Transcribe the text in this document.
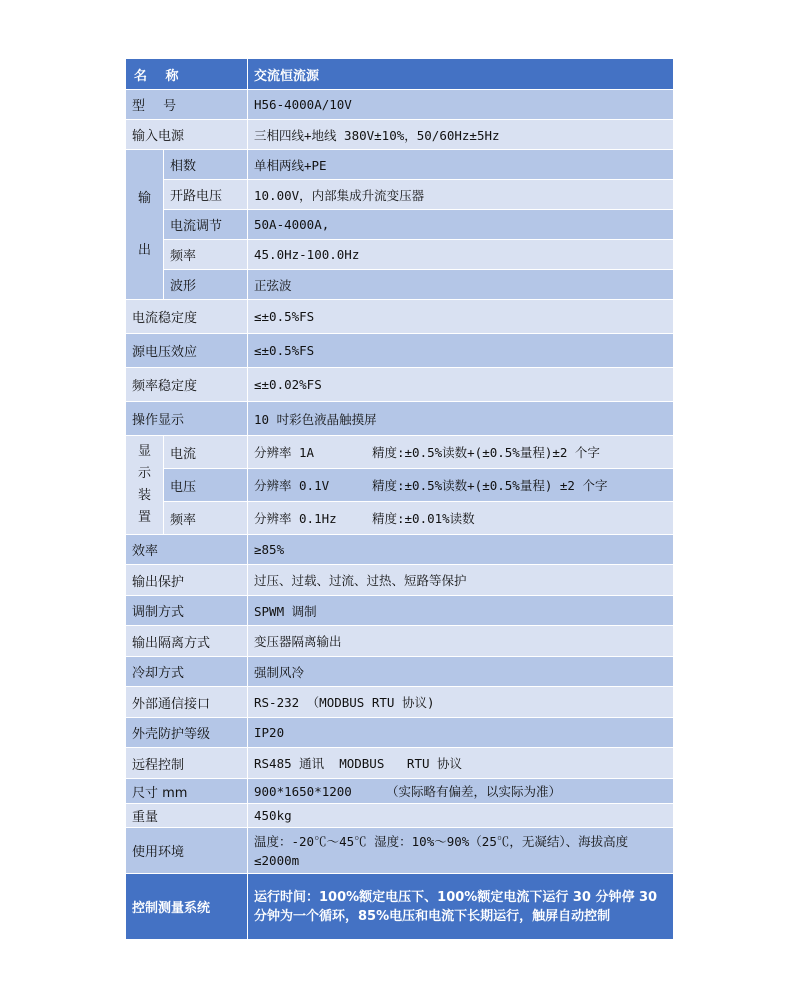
名 称		交流恒流源
型 号		H56-4000A/10V
输入电源		三相四线+地线 380V±10%，50/60Hz±5Hz
输出	相数	单相两线+PE
	开路电压	10.00V，内部集成升流变压器
	电流调节	50A-4000A,
	频率	45.0Hz-100.0Hz
	波形	正弦波
电流稳定度		≤±0.5%FS
源电压效应		≤±0.5%FS
频率稳定度		≤±0.02%FS
操作显示		10 吋彩色液晶触摸屏
显示装置	电流	分辨率 1A 精度:±0.5%读数+(±0.5%量程)±2 个字
	电压	分辨率 0.1V 精度:±0.5%读数+(±0.5%量程) ±2 个字
	频率	分辨率 0.1Hz 精度:±0.01%读数
效率		≥85%
输出保护		过压、过载、过流、过热、短路等保护
调制方式		SPWM 调制
输出隔离方式		变压器隔离输出
冷却方式		强制风冷
外部通信接口		RS-232 （MODBUS RTU 协议)
外壳防护等级		IP20
远程控制		RS485 通讯  MODBUS   RTU 协议
尺寸 mm		900*1650*1200 （实际略有偏差，以实际为准）
重量		450kg
使用环境		温度：-20℃～45℃ 湿度：10%～90%（25℃，无凝结）、海拔高度≤2000m
控制测量系统		运行时间：100%额定电压下、100%额定电流下运行 30 分钟停 30 分钟为一个循环，85%电压和电流下长期运行，触屏自动控制
